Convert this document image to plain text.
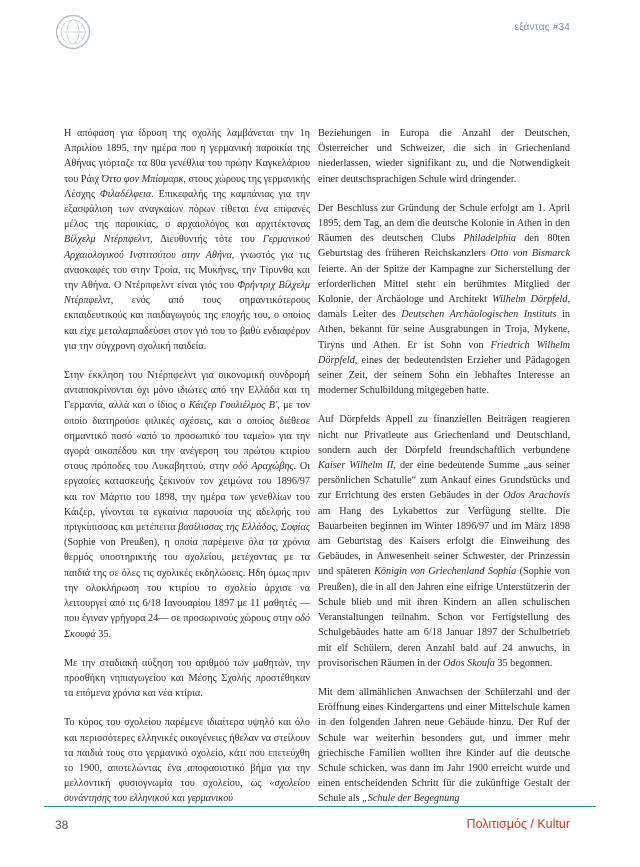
εξάντας #34

Η απόφαση για ίδρυση της σχολής λαμβάνεται την 1η Απριλίου 1895, την ημέρα που η γερμανική παροικία της Αθήνας γιόρταζε τα 80α γενέθλια του πρώην Καγκελάριου του Ράιχ Όττο φον Μπίσμαρκ, στους χώρους της γερμανικής Λέσχης Φιλαδέλφεια. Επικεφαλής της καμπάνιας για την εξασφάλιση των αναγκαίων πόρων τίθεται ένα επιφανές μέλος της παροικίας, ο αρχαιολόγος και αρχιτέκτονας Βίλχελμ Ντέρπφελντ, Διευθυντής τότε του Γερμανικού Αρχαιολογικού Ινστιτούτου στην Αθήνα, γνωστός για τις ανασκαφές του στην Τροία, τις Μυκήνες, την Τίρυνθα και την Αθήνα. Ο Ντέρπφελντ είναι γιός του Φρήντριχ Βίλχελμ Ντέρπφελντ, ενός από τους σημαντικότερους εκπαιδευτικούς και παιδαγωγούς της εποχής του, ο οποίος και είχε μεταλαμπαδεύσει στον γιό του το βαθύ ενδιαφέρον για την σύγχρονη σχολική παιδεία.

Στην έκκληση του Ντέρπφελντ για οικονομική συνδρομή ανταποκρίνονται όχι μόνο ιδιώτες από την Ελλάδα και τη Γερμανία, αλλά και ο ίδιος ο Κάιζερ Γουλιέλμος Β', με τον οποίο διατηρούσε φιλικές σχέσεις, και ο οποίος διέθεσε σημαντικό ποσό «από το προσωπικό του ταμείο» για την αγορά οικοπέδου και την ανέγερση του πρώτου κτιρίου στους πρόποδες του Λυκαβηττού, στην οδό Αραχώβης. Οι εργασίες κατασκευής ξεκινούν τον χειμώνα του 1896/97 και τον Μάρτιο του 1898, την ημέρα των γενεθλίων του Κάιζερ, γίνονται τα εγκαίνια παρουσία της αδελφής του πριγκίπισσας και μετέπειτα βασίλισσας της Ελλάδος, Σοφίας (Sophie von Preußen), η οποία παρέμεινε όλα τα χρόνια θερμός υποστηρικτής του σχολείου, μετέχοντας με τα παιδιά της σε όλες τις σχολικές εκδηλώσεις. Ηδη όμως πριν την ολοκλήρωση του κτιρίου το σχολείο άρχισε να λειτουργεί από τις 6/18 Ιανουαρίου 1897 με 11 μαθητές —που έγιναν γρήγορα 24— σε προσωρινούς χώρους στην οδό Σκουφά 35.

Με την σταδιακή αύξηση του αριθμού των μαθητών, την προσθήκη νηπιαγωγείου και Μέσης Σχολής προστέθηκαν τα επόμενα χρόνια και νέα κτίρια.

Το κύρος του σχολείου παρέμενε ιδιαίτερα υψηλό και όλο και περισσότερες ελληνικές οικογένειες ήθελαν να στείλουν τα παιδιά τους στο γερμανικό σχολείο, κάτι που επετεύχθη το 1900, αποτελώντας ένα αποφασιστικό βήμα για την μελλοντική φυσιογνωμία του σχολείου, ως «σχολείου συνάντησης του ελληνικού και γερμανικού

Beziehungen in Europa die Anzahl der Deutschen, Österreicher und Schweizer, die sich in Griechenland niederlassen, wieder signifikant zu, und die Notwendigkeit einer deutschsprachigen Schule wird dringender.

Der Beschluss zur Gründung der Schule erfolgt am 1. April 1895, dem Tag, an dem die deutsche Kolonie in Athen in den Räumen des deutschen Clubs Philadelphia den 80ten Geburtstag des früheren Reichskanzlers Otto von Bismarck feierte. An der Spitze der Kampagne zur Sicherstellung der erforderlichen Mittel steht ein berühmtes Mitglied der Kolonie, der Archäologe und Architekt Wilhelm Dörpfeld, damals Leiter des Deutschen Archäologischen Instituts in Athen, bekannt für seine Ausgrabungen in Troja, Mykene, Tiryns und Athen. Er ist Sohn von Friedrich Wilhelm Dörpfeld, eines der bedeutendsten Erzieher und Pädagogen seiner Zeit, der seinem Sohn ein lebhaftes Interesse an moderner Schulbildung mitgegeben hatte.

Auf Dörpfelds Appell zu finanziellen Beiträgen reagieren nicht nur Privatleute aus Griechenland und Deutschland, sondern auch der Dörpfeld freundschaftlich verbundene Kaiser Wilhelm II, der eine bedeutende Summe „aus seiner persönlichen Schatulle“ zum Ankauf eines Grundstücks und zur Errichtung des ersten Gebäudes in der Odos Arachovis am Hang des Lykabettos zur Verfügung stellte. Die Bauarbeiten beginnen im Winter 1896/97 und im März 1898 am Geburtstag des Kaisers erfolgt die Einweihung des Gebäudes, in Anwesenheit seiner Schwester, der Prinzessin und späteren Königin von Griechenland Sophia (Sophie von Preußen), die in all den Jahren eine eifrige Unterstützerin der Schule blieb und mit ihren Kindern an allen schulischen Veranstaltungen teilnahm. Schon vor Fertigstellung des Schulgebäudes hatte am 6/18 Januar 1897 der Schulbetrieb mit elf Schülern, deren Anzahl bald auf 24 anwuchs, in provisorischen Räumen in der Odos Skoufa 35 begonnen.

Mit dem allmählichen Anwachsen der Schülerzahl und der Eröffnung eines Kindergartens und einer Mittelschule kamen in den folgenden Jahren neue Gebäude hinzu. Der Ruf der Schule war weiterhin besonders gut, und immer mehr griechische Familien wollten ihre Kinder auf die deutsche Schule schicken, was dann im Jahr 1900 erreicht wurde und einen entscheidenden Schritt für die zukünftige Gestalt der Schule als „Schule der Begegnung

38	Πολιτισμός / Kultur
